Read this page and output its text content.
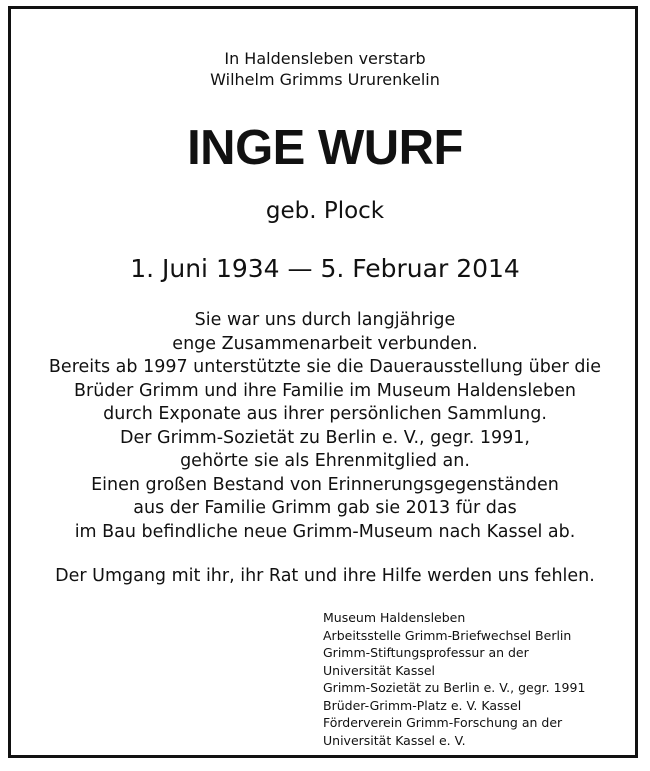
In Haldensleben verstarb
Wilhelm Grimms Ururenkelin
INGE WURF
geb. Plock
1. Juni 1934 — 5. Februar 2014
Sie war uns durch langjährige
enge Zusammenarbeit verbunden.
Bereits ab 1997 unterstützte sie die Dauerausstellung über die
Brüder Grimm und ihre Familie im Museum Haldensleben
durch Exponate aus ihrer persönlichen Sammlung.
Der Grimm-Sozietät zu Berlin e. V., gegr. 1991,
gehörte sie als Ehrenmitglied an.
Einen großen Bestand von Erinnerungsgegenständen
aus der Familie Grimm gab sie 2013 für das
im Bau befindliche neue Grimm-Museum nach Kassel ab.
Der Umgang mit ihr, ihr Rat und ihre Hilfe werden uns fehlen.
Museum Haldensleben
Arbeitsstelle Grimm-Briefwechsel Berlin
Grimm-Stiftungsprofessur an der
Universität Kassel
Grimm-Sozietät zu Berlin e. V., gegr. 1991
Brüder-Grimm-Platz e. V. Kassel
Förderverein Grimm-Forschung an der
Universität Kassel e. V.
